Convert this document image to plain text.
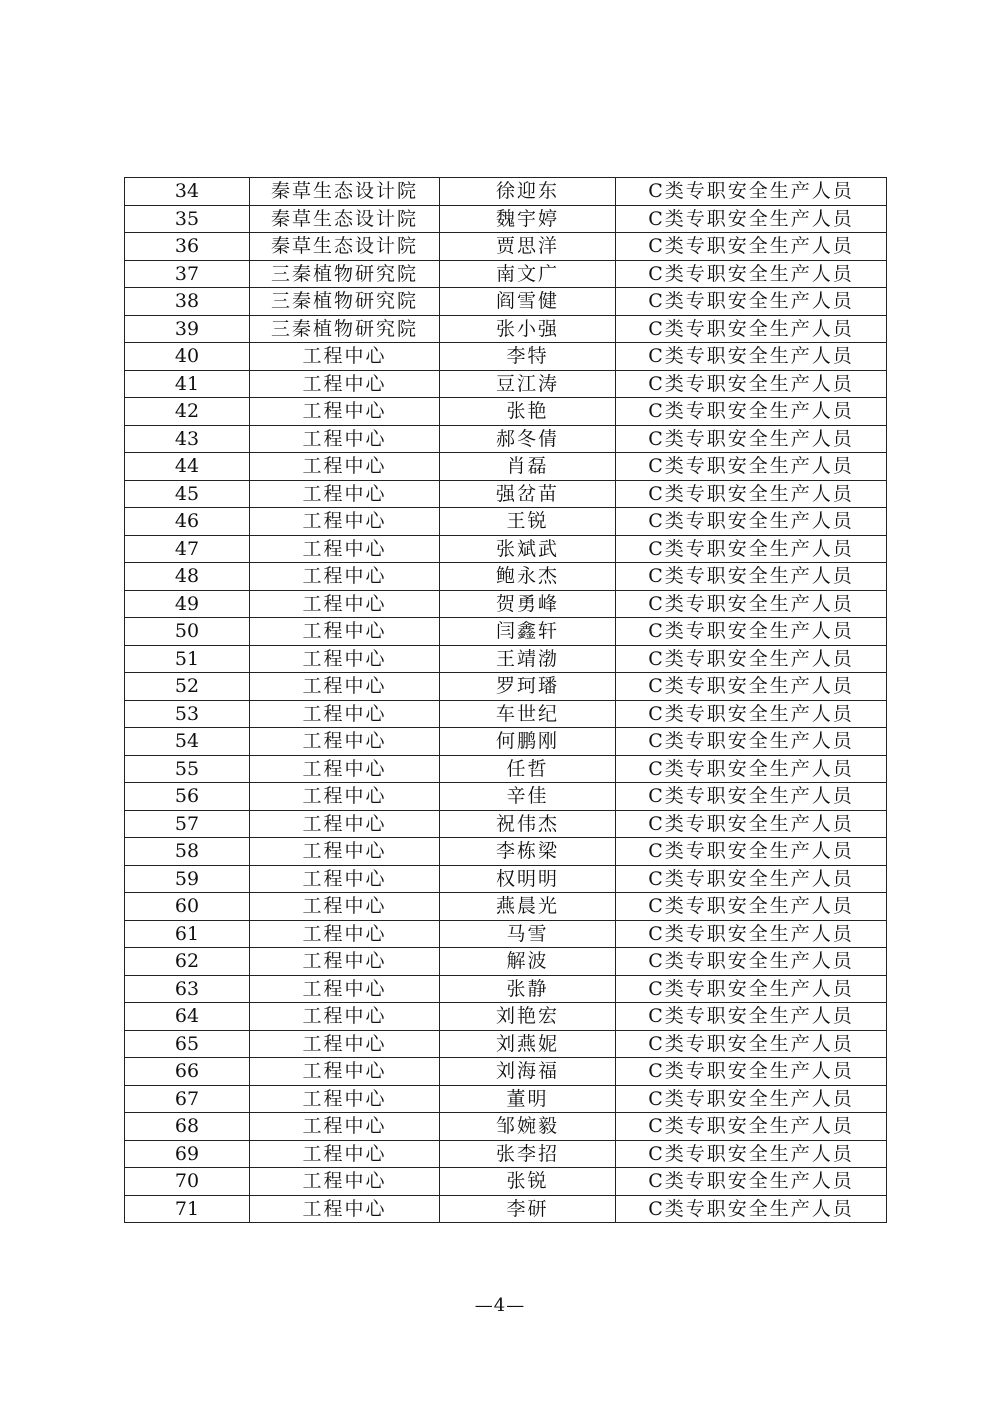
34	秦草生态设计院	徐迎东	C类专职安全生产人员
35	秦草生态设计院	魏宇婷	C类专职安全生产人员
36	秦草生态设计院	贾思洋	C类专职安全生产人员
37	三秦植物研究院	南文广	C类专职安全生产人员
38	三秦植物研究院	阎雪健	C类专职安全生产人员
39	三秦植物研究院	张小强	C类专职安全生产人员
40	工程中心	李特	C类专职安全生产人员
41	工程中心	豆江涛	C类专职安全生产人员
42	工程中心	张艳	C类专职安全生产人员
43	工程中心	郝冬倩	C类专职安全生产人员
44	工程中心	肖磊	C类专职安全生产人员
45	工程中心	强岔苗	C类专职安全生产人员
46	工程中心	王锐	C类专职安全生产人员
47	工程中心	张斌武	C类专职安全生产人员
48	工程中心	鲍永杰	C类专职安全生产人员
49	工程中心	贺勇峰	C类专职安全生产人员
50	工程中心	闫鑫轩	C类专职安全生产人员
51	工程中心	王靖渤	C类专职安全生产人员
52	工程中心	罗珂璠	C类专职安全生产人员
53	工程中心	车世纪	C类专职安全生产人员
54	工程中心	何鹏刚	C类专职安全生产人员
55	工程中心	任哲	C类专职安全生产人员
56	工程中心	辛佳	C类专职安全生产人员
57	工程中心	祝伟杰	C类专职安全生产人员
58	工程中心	李栋梁	C类专职安全生产人员
59	工程中心	权明明	C类专职安全生产人员
60	工程中心	燕晨光	C类专职安全生产人员
61	工程中心	马雪	C类专职安全生产人员
62	工程中心	解波	C类专职安全生产人员
63	工程中心	张静	C类专职安全生产人员
64	工程中心	刘艳宏	C类专职安全生产人员
65	工程中心	刘燕妮	C类专职安全生产人员
66	工程中心	刘海福	C类专职安全生产人员
67	工程中心	董明	C类专职安全生产人员
68	工程中心	邹婉毅	C类专职安全生产人员
69	工程中心	张李招	C类专职安全生产人员
70	工程中心	张锐	C类专职安全生产人员
71	工程中心	李研	C类专职安全生产人员
—4—
